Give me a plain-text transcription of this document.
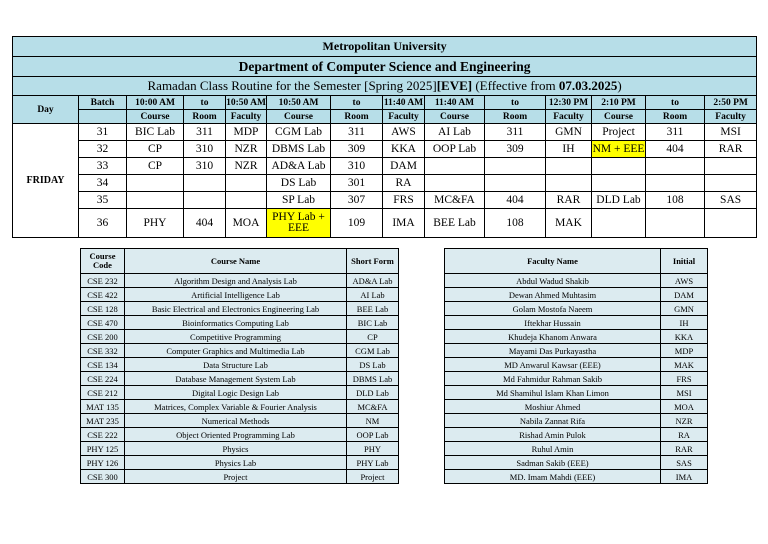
Metropolitan University													
Department of Computer Science and Engineering													
Ramadan Class Routine for the Semester [Spring 2025][EVE] (Effective from 07.03.2025)													
Day	Batch	10:00 AM	to	10:50 AM	10:50 AM	to	11:40 AM	11:40 AM	to	12:30 PM	2:10 PM	to	2:50 PM
		Course	Room	Faculty	Course	Room	Faculty	Course	Room	Faculty	Course	Room	Faculty
FRIDAY	31	BIC Lab	311	MDP	CGM Lab	311	AWS	AI Lab	311	GMN	Project	311	MSI
	32	CP	310	NZR	DBMS Lab	309	KKA	OOP Lab	309	IH	NM + EEE	404	RAR
	33	CP	310	NZR	AD&A Lab	310	DAM						
	34				DS Lab	301	RA						
	35				SP Lab	307	FRS	MC&FA	404	RAR	DLD Lab	108	SAS
	36	PHY	404	MOA	PHY Lab + EEE	109	IMA	BEE Lab	108	MAK			
Course Code	Course Name	Short Form
CSE 232	Algorithm Design and Analysis Lab	AD&A Lab
CSE 422	Artificial Intelligence Lab	AI Lab
CSE 128	Basic Electrical and Electronics Engineering Lab	BEE Lab
CSE 470	Bioinformatics Computing Lab	BIC Lab
CSE 200	Competitive Programming	CP
CSE 332	Computer Graphics and Multimedia Lab	CGM Lab
CSE 134	Data Structure Lab	DS Lab
CSE 224	Database Management System Lab	DBMS Lab
CSE 212	Digital Logic Design Lab	DLD Lab
MAT 135	Matrices, Complex Variable & Fourier Analysis	MC&FA
MAT 235	Numerical Methods	NM
CSE 222	Object Oriented Programming Lab	OOP Lab
PHY 125	Physics	PHY
PHY 126	Physics Lab	PHY Lab
CSE 300	Project	Project
Faculty Name	Initial
Abdul Wadud Shakib	AWS
Dewan Ahmed Muhtasim	DAM
Golam Mostofa Naeem	GMN
Iftekhar Hussain	IH
Khudeja Khanom Anwara	KKA
Mayami Das Purkayastha	MDP
MD Anwarul Kawsar (EEE)	MAK
Md Fahmidur Rahman Sakib	FRS
Md Shamihul Islam Khan Limon	MSI
Moshiur Ahmed	MOA
Nabila Zannat Rifa	NZR
Rishad Amin Pulok	RA
Ruhul Amin	RAR
Sadman Sakib (EEE)	SAS
MD. Imam Mahdi (EEE)	IMA
